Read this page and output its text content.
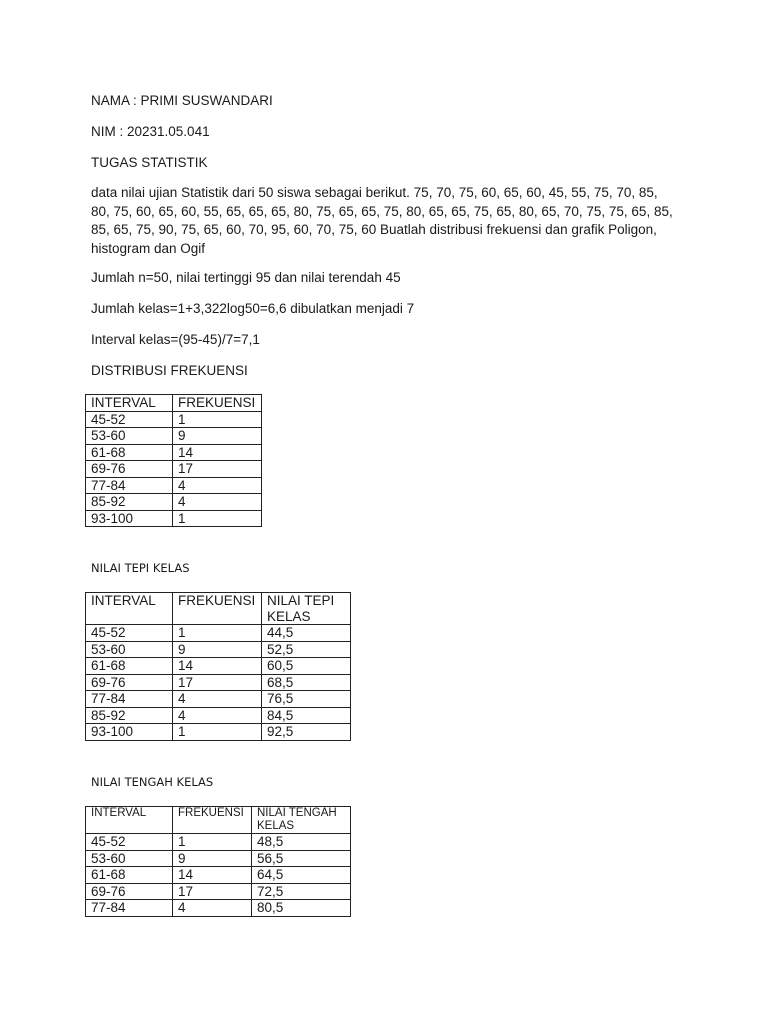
NAMA : PRIMI SUSWANDARI
NIM : 20231.05.041
TUGAS STATISTIK
data nilai ujian Statistik dari 50 siswa sebagai berikut. 75, 70, 75, 60, 65, 60, 45, 55, 75, 70, 85, 80, 75, 60, 65, 60, 55, 65, 65, 65, 80, 75, 65, 65, 75, 80, 65, 65, 75, 65, 80, 65, 70, 75, 75, 65, 85, 85, 65, 75, 90, 75, 65, 60, 70, 95, 60, 70, 75, 60 Buatlah distribusi frekuensi dan grafik Poligon, histogram dan Ogif
Jumlah n=50, nilai tertinggi 95 dan nilai terendah 45
Jumlah kelas=1+3,322log50=6,6 dibulatkan menjadi 7
Interval kelas=(95-45)/7=7,1
DISTRIBUSI FREKUENSI
INTERVAL	FREKUENSI
45-52	1
53-60	9
61-68	14
69-76	17
77-84	4
85-92	4
93-100	1
NILAI TEPI KELAS
INTERVAL	FREKUENSI	NILAI TEPI KELAS
45-52	1	44,5
53-60	9	52,5
61-68	14	60,5
69-76	17	68,5
77-84	4	76,5
85-92	4	84,5
93-100	1	92,5
NILAI TENGAH KELAS
INTERVAL	FREKUENSI	NILAI TENGAH KELAS
45-52	1	48,5
53-60	9	56,5
61-68	14	64,5
69-76	17	72,5
77-84	4	80,5
